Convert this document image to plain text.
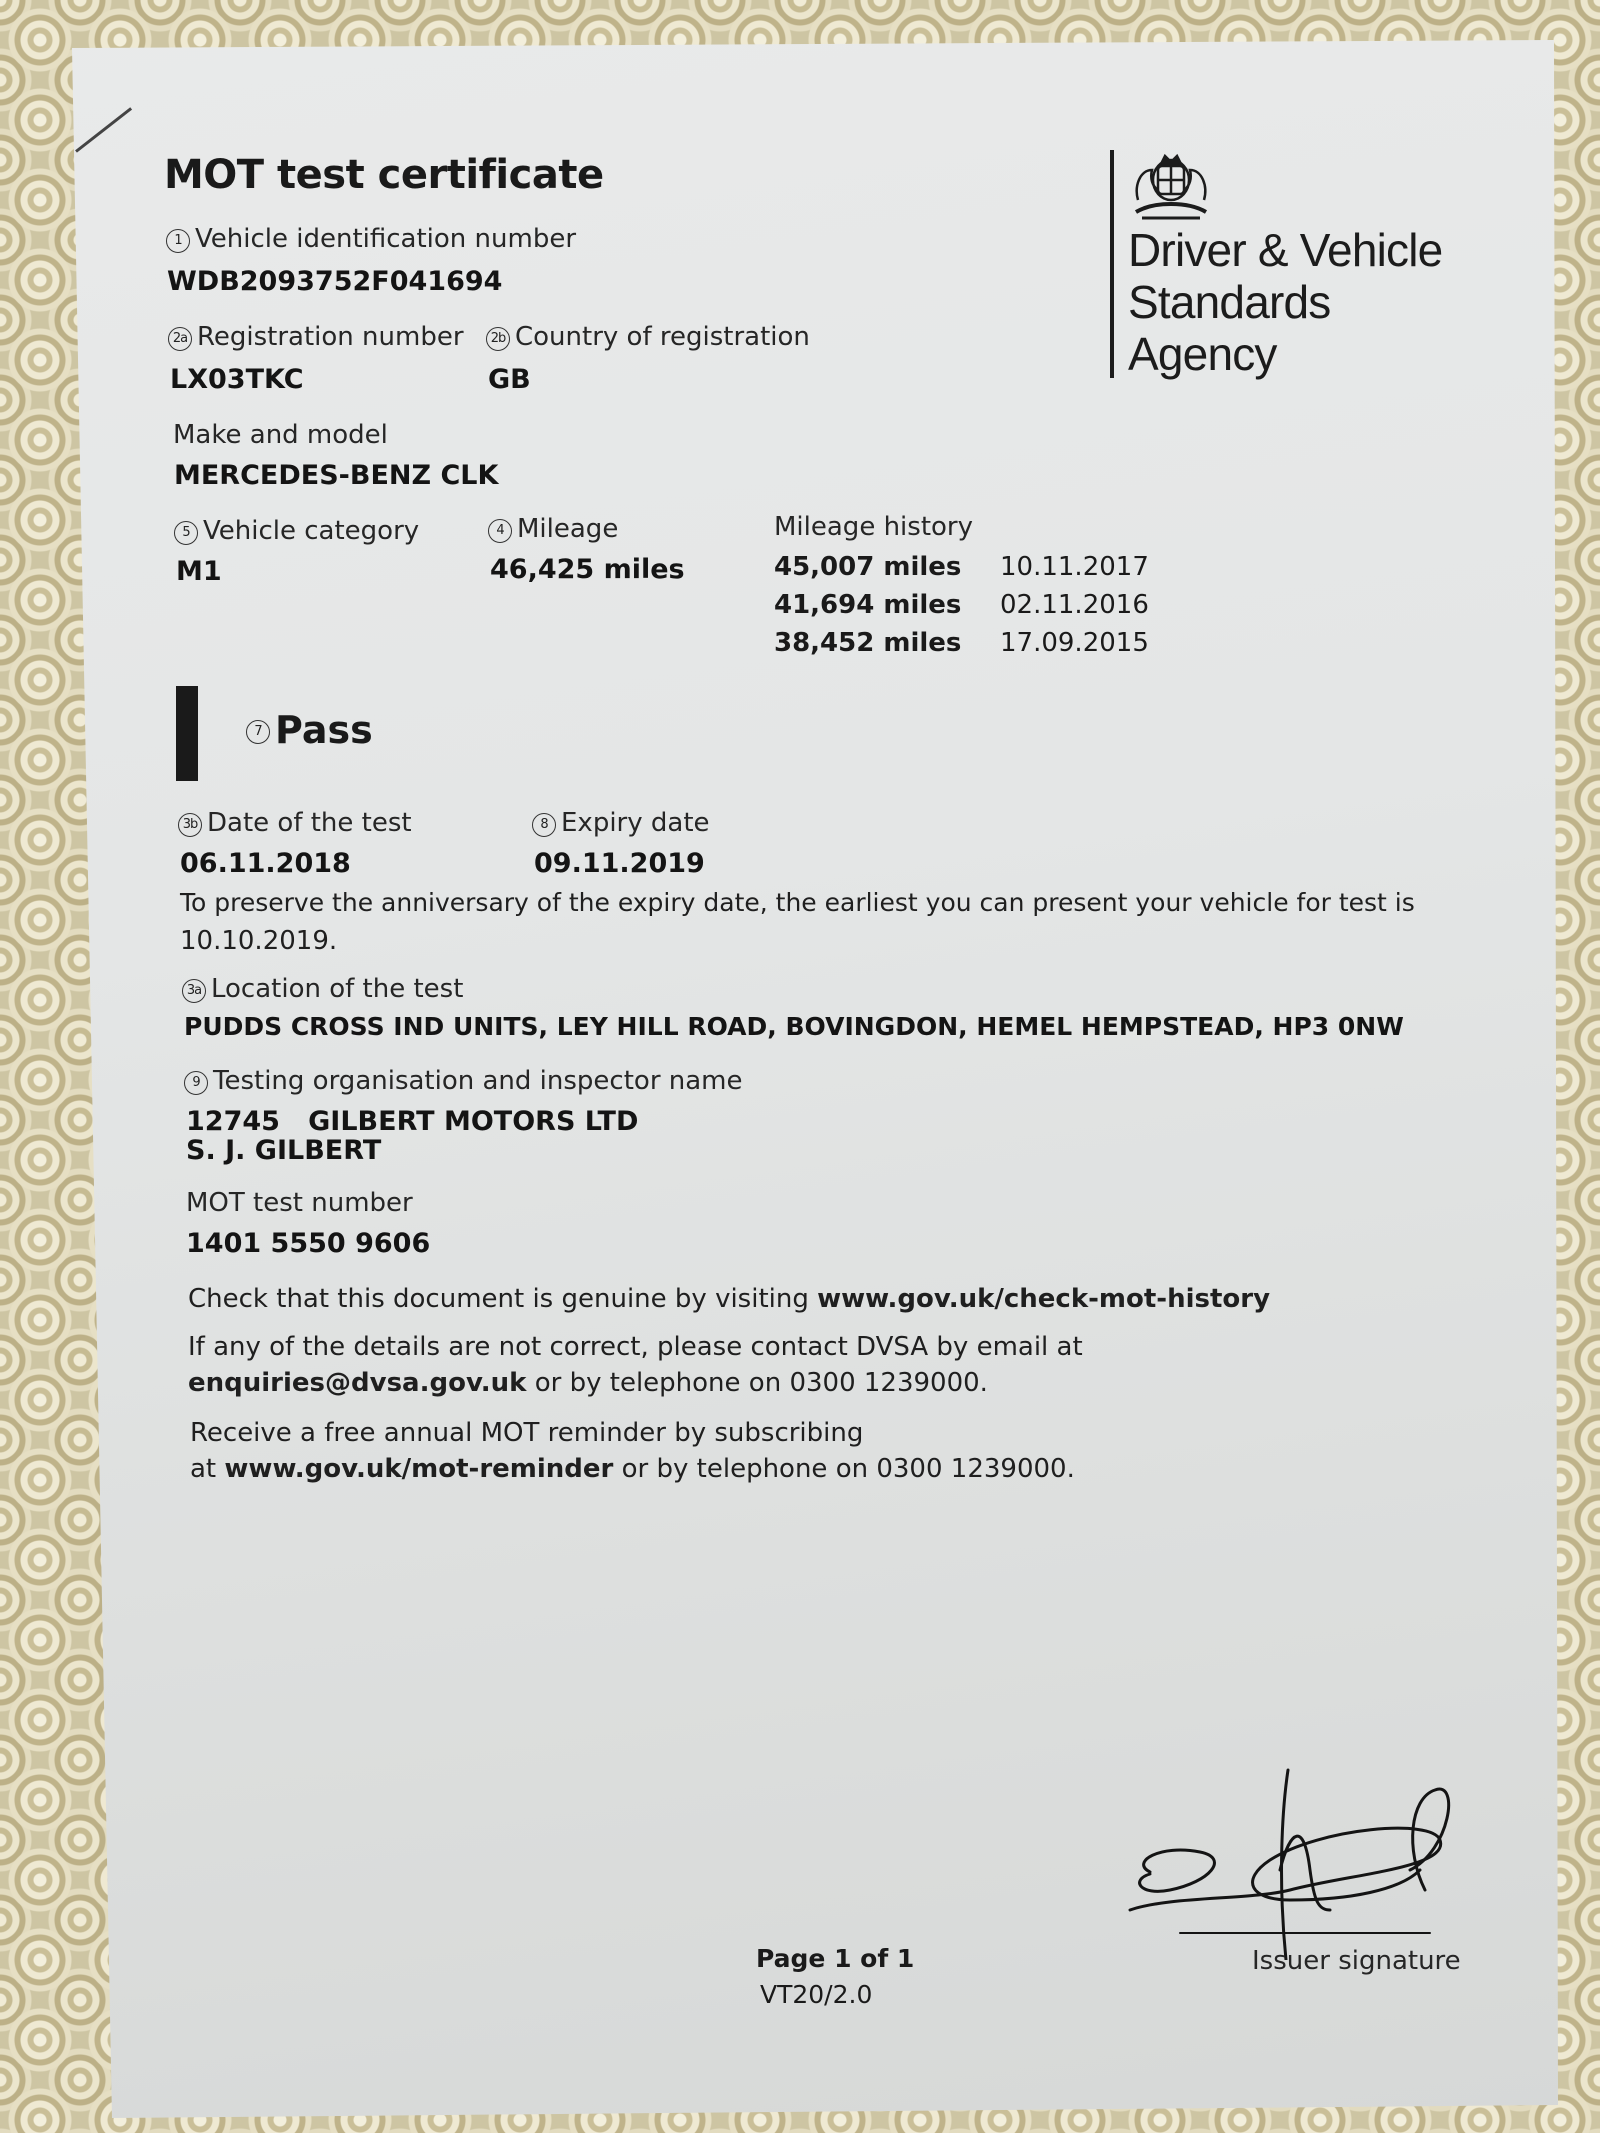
MOT test certificate
Driver & Vehicle
Standards
Agency
1 Vehicle identification number
WDB2093752F041694
2a Registration number
LX03TKC
2b Country of registration
GB
Make and model
MERCEDES-BENZ CLK
5 Vehicle category
M1
4 Mileage
46,425 miles
Mileage history
45,007 miles	10.11.2017
41,694 miles	02.11.2016
38,452 miles	17.09.2015
7 Pass
3b Date of the test
06.11.2018
8 Expiry date
09.11.2019
To preserve the anniversary of the expiry date, the earliest you can present your vehicle for test is
10.10.2019.
3a Location of the test
PUDDS CROSS IND UNITS, LEY HILL ROAD, BOVINGDON, HEMEL HEMPSTEAD, HP3 0NW
9 Testing organisation and inspector name
12745 GILBERT MOTORS LTD
S. J. GILBERT
MOT test number
1401 5550 9606
Check that this document is genuine by visiting www.gov.uk/check-mot-history
If any of the details are not correct, please contact DVSA by email at
enquiries@dvsa.gov.uk or by telephone on 0300 1239000.
Receive a free annual MOT reminder by subscribing
at www.gov.uk/mot-reminder or by telephone on 0300 1239000.
Issuer signature
Page 1 of 1
VT20/2.0
